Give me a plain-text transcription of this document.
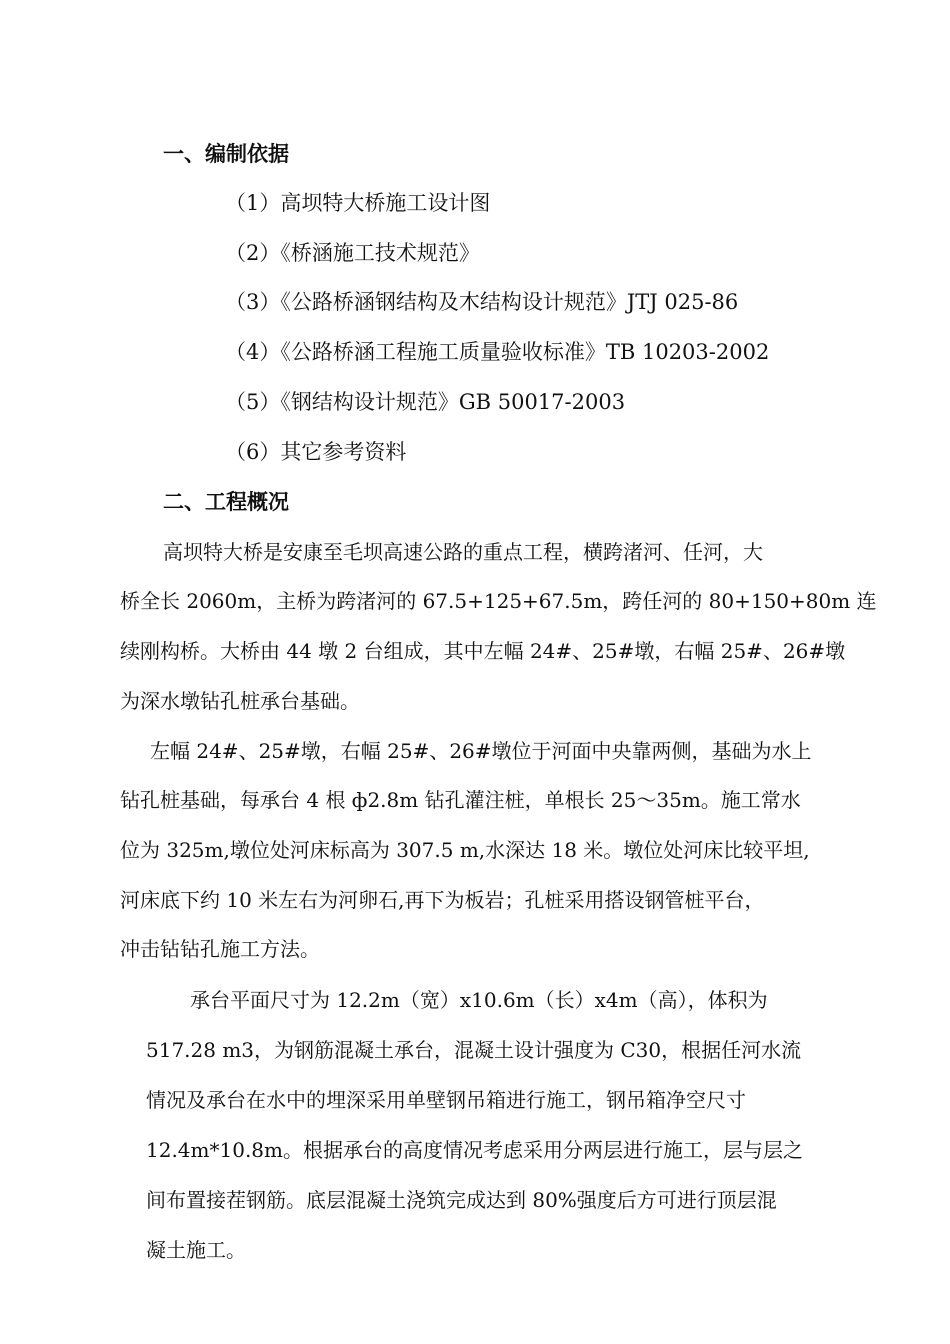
一、编制依据
（1）高坝特大桥施工设计图
（2）《桥涵施工技术规范》
（3）《公路桥涵钢结构及木结构设计规范》JTJ 025-86
（4）《公路桥涵工程施工质量验收标准》TB 10203-2002
（5）《钢结构设计规范》GB 50017-2003
（6）其它参考资料
二、工程概况
高坝特大桥是安康至毛坝高速公路的重点工程，横跨渚河、任河，大
桥全长 2060m，主桥为跨渚河的 67.5+125+67.5m，跨任河的 80+150+80m 连
续刚构桥。大桥由 44 墩 2 台组成，其中左幅 24#、25#墩，右幅 25#、26#墩
为深水墩钻孔桩承台基础。
左幅 24#、25#墩，右幅 25#、26#墩位于河面中央靠两侧，基础为水上
钻孔桩基础，每承台 4 根 ф2.8m 钻孔灌注桩，单根长 25～35m。施工常水
位为 325m,墩位处河床标高为 307.5 m,水深达 18 米。墩位处河床比较平坦,
河床底下约 10 米左右为河卵石,再下为板岩；孔桩采用搭设钢管桩平台，
冲击钻钻孔施工方法。
承台平面尺寸为 12.2m（宽）x10.6m（长）x4m（高），体积为
517.28 m3，为钢筋混凝土承台，混凝土设计强度为 C30，根据任河水流
情况及承台在水中的埋深采用单壁钢吊箱进行施工，钢吊箱净空尺寸
12.4m*10.8m。根据承台的高度情况考虑采用分两层进行施工，层与层之
间布置接茬钢筋。底层混凝土浇筑完成达到 80%强度后方可进行顶层混
凝土施工。
